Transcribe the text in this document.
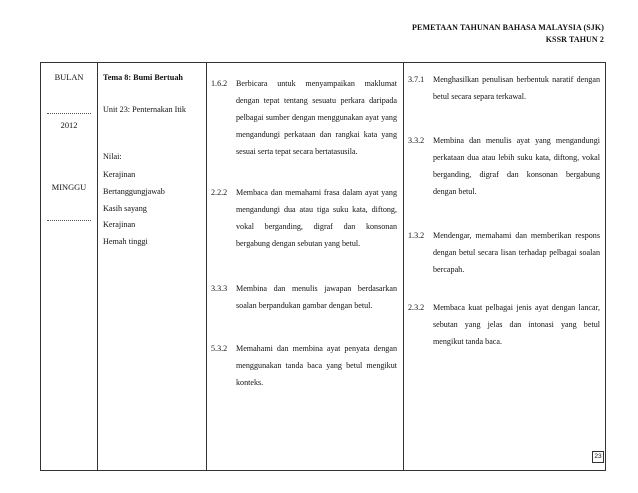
PEMETAAN TAHUNAN BAHASA MALAYSIA (SJK)
KSSR TAHUN 2
BULAN
2012
MINGGU
Tema 8: Bumi Bertuah
Unit 23: Penternakan Itik
Nilai:
Kerajinan
Bertanggungjawab
Kasih sayang
Kerajinan
Hemah tinggi
1.6.2 Berbicara untuk menyampaikan maklumat dengan tepat tentang sesuatu perkara daripada pelbagai sumber dengan menggunakan ayat yang mengandungi perkataan dan rangkai kata yang sesuai serta tepat secara bertatasusila.
2.2.2 Membaca dan memahami frasa dalam ayat yang mengandungi dua atau tiga suku kata, diftong, vokal berganding, digraf dan konsonan bergabung dengan sebutan yang betul.
3.3.3 Membina dan menulis jawapan berdasarkan soalan berpandukan gambar dengan betul.
5.3.2 Memahami dan membina ayat penyata dengan menggunakan tanda baca yang betul mengikut konteks.
3.7.1 Menghasilkan penulisan berbentuk naratif dengan betul secara separa terkawal.
3.3.2 Membina dan menulis ayat yang mengandungi perkataan dua atau lebih suku kata, diftong, vokal berganding, digraf dan konsonan bergabung dengan betul.
1.3.2 Mendengar, memahami dan memberikan respons dengan betul secara lisan terhadap pelbagai soalan bercapah.
2.3.2 Membaca kuat pelbagai jenis ayat dengan lancar, sebutan yang jelas dan intonasi yang betul mengikut tanda baca.
23
